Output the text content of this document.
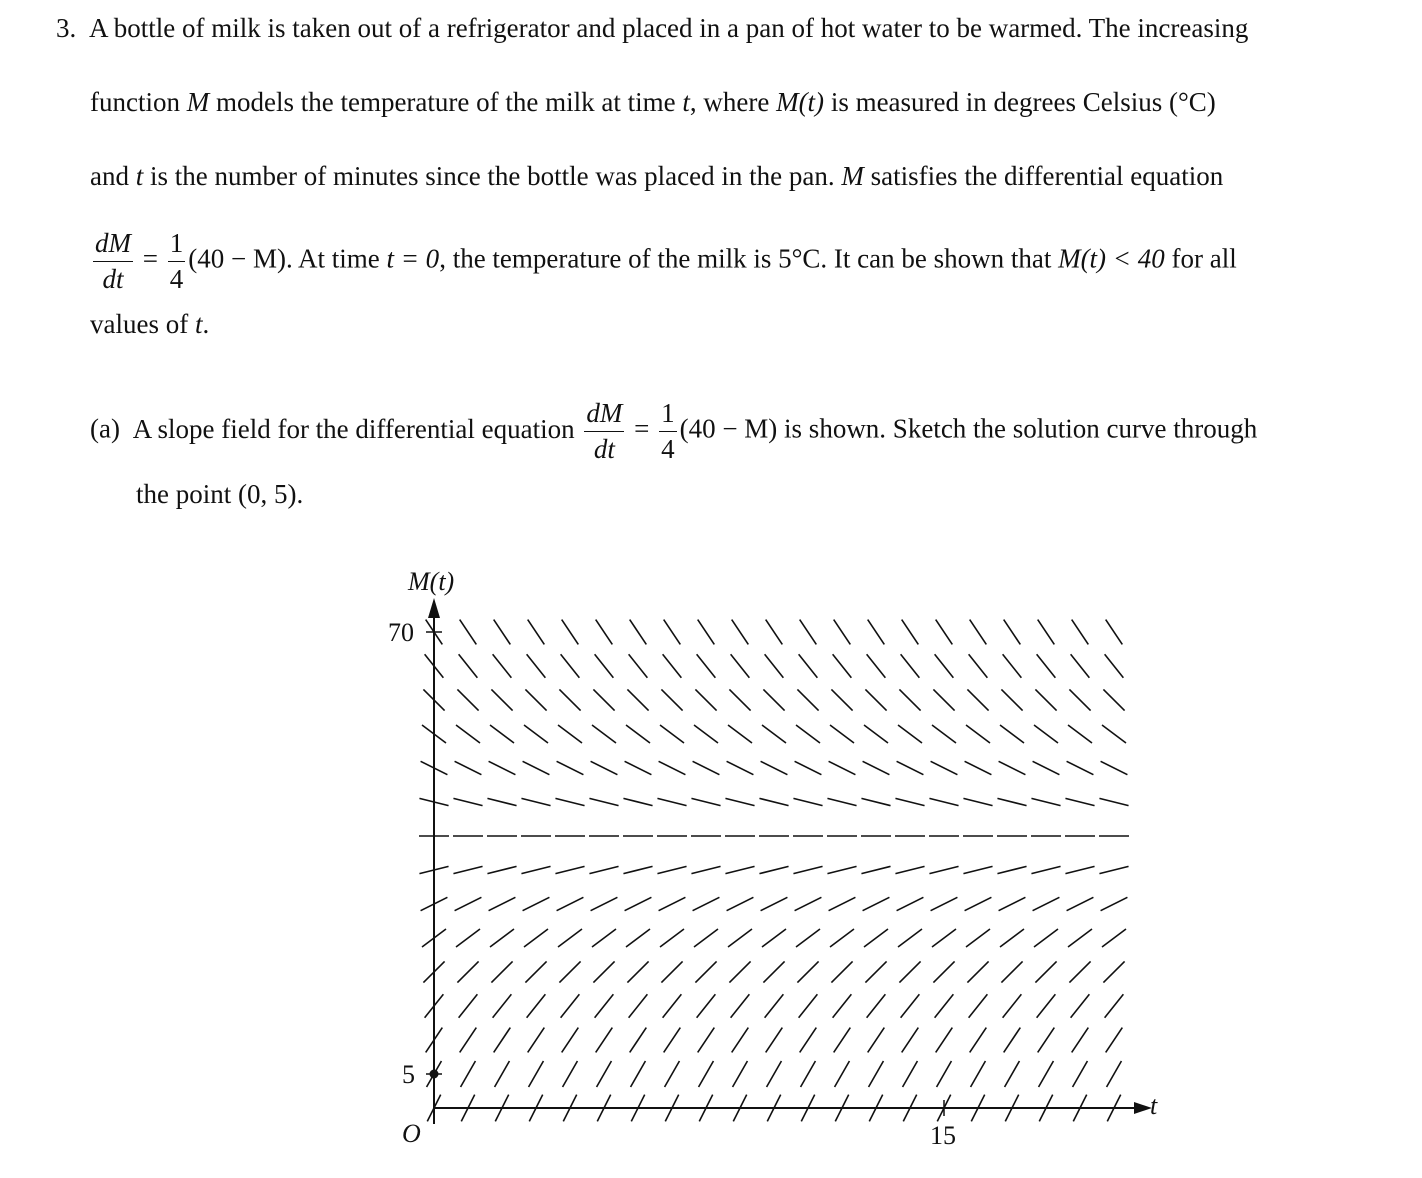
3. A bottle of milk is taken out of a refrigerator and placed in a pan of hot water to be warmed. The increasing
function M models the temperature of the milk at time t, where M(t) is measured in degrees Celsius (°C)
and t is the number of minutes since the bottle was placed in the pan. M satisfies the differential equation
$\frac{dM}{dt} = \frac{1}{4} (40 - M)$. At time t = 0, the temperature of the milk is 5°C. It can be shown that M(t) < 40 for all
values of t.
(a) A slope field for the differential equation $\frac{dM}{dt} = \frac{1}{4} (40 - M)$ is shown. Sketch the solution curve through
the point (0, 5).
t
M(t)
O
5
70
15
